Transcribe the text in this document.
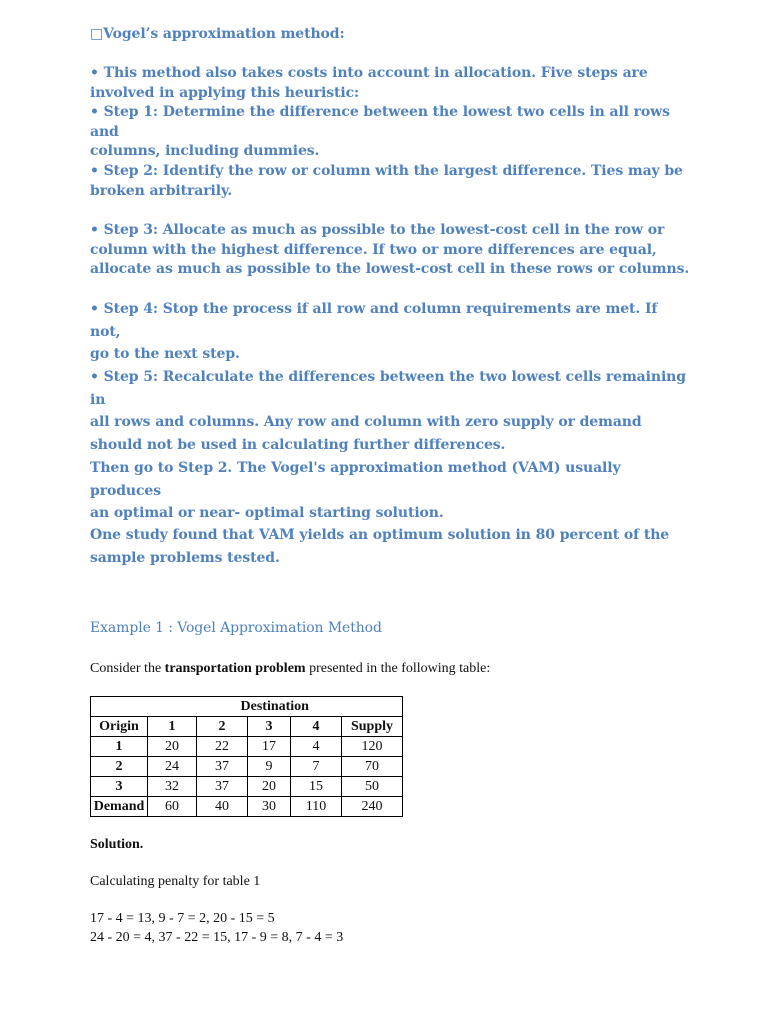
□Vogel’s approximation method:
• This method also takes costs into account in allocation. Five steps are
involved in applying this heuristic:
• Step 1: Determine the difference between the lowest two cells in all rows and
columns, including dummies.
• Step 2: Identify the row or column with the largest difference. Ties may be
broken arbitrarily.
• Step 3: Allocate as much as possible to the lowest-cost cell in the row or
column with the highest difference. If two or more differences are equal,
allocate as much as possible to the lowest-cost cell in these rows or columns.
• Step 4: Stop the process if all row and column requirements are met. If not,
go to the next step.
• Step 5: Recalculate the differences between the two lowest cells remaining in
all rows and columns. Any row and column with zero supply or demand
should not be used in calculating further differences.
Then go to Step 2. The Vogel's approximation method (VAM) usually produces
an optimal or near- optimal starting solution.
One study found that VAM yields an optimum solution in 80 percent of the
sample problems tested.
Example 1 : Vogel Approximation Method
Consider the transportation problem presented in the following table:
	Destination				
Origin	1	2	3	4	Supply
1	20	22	17	4	120
2	24	37	9	7	70
3	32	37	20	15	50
Demand	60	40	30	110	240
Solution.
Calculating penalty for table 1
17 - 4 = 13, 9 - 7 = 2, 20 - 15 = 5
24 - 20 = 4, 37 - 22 = 15, 17 - 9 = 8, 7 - 4 = 3
